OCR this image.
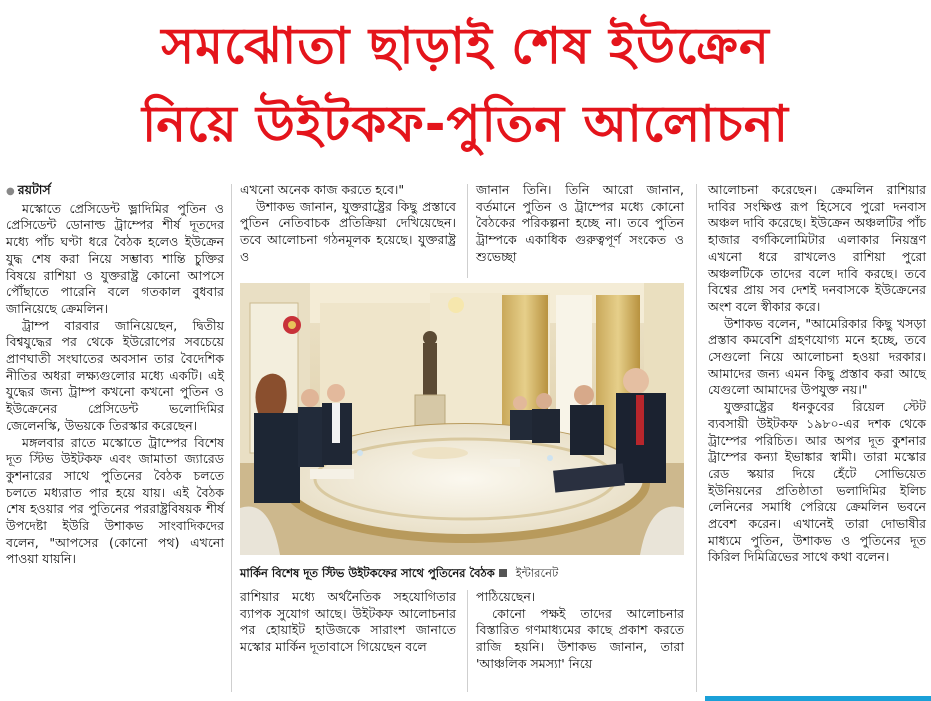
সমঝোতা ছাড়াই শেষ ইউক্রেন
নিয়ে উইটকফ-পুতিন আলোচনা

● রয়টার্স

মস্কোতে প্রেসিডেন্ট ভ্লাদিমির পুতিন ও প্রেসিডেন্ট ডোনাল্ড ট্রাম্পের শীর্ষ দূতদের মধ্যে পাঁচ ঘণ্টা ধরে বৈঠক হলেও ইউক্রেন যুদ্ধ শেষ করা নিয়ে সম্ভাব্য শান্তি চুক্তির বিষয়ে রাশিয়া ও যুক্তরাষ্ট্র কোনো আপসে পৌঁছাতে পারেনি বলে গতকাল বুধবার জানিয়েছে ক্রেমলিন।

ট্রাম্প বারবার জানিয়েছেন, দ্বিতীয় বিশ্বযুদ্ধের পর থেকে ইউরোপের সবচেয়ে প্রাণঘাতী সংঘাতের অবসান তার বৈদেশিক নীতির অধরা লক্ষ্যগুলোর মধ্যে একটি। এই যুদ্ধের জন্য ট্রাম্প কখনো কখনো পুতিন ও ইউক্রেনের প্রেসিডেন্ট ভলোদিমির জেলেনস্কি, উভয়কে তিরস্কার করেছেন।

মঙ্গলবার রাতে মস্কোতে ট্রাম্পের বিশেষ দূত স্টিভ উইটকফ এবং জামাতা জ্যারেড কুশনারের সাথে পুতিনের বৈঠক চলতে চলতে মধ্যরাত পার হয়ে যায়। এই বৈঠক শেষ হওয়ার পর পুতিনের পররাষ্ট্রবিষয়ক শীর্ষ উপদেষ্টা ইউরি উশাকভ সাংবাদিকদের বলেন, "আপসের (কোনো পথ) এখনো পাওয়া যায়নি।

এখনো অনেক কাজ করতে হবে।"

উশাকভ জানান, যুক্তরাষ্ট্রের কিছু প্রস্তাবে পুতিন নেতিবাচক প্রতিক্রিয়া দেখিয়েছেন। তবে আলোচনা গঠনমূলক হয়েছে। যুক্তরাষ্ট্র ও

জানান তিনি। তিনি আরো জানান, বর্তমানে পুতিন ও ট্রাম্পের মধ্যে কোনো বৈঠকের পরিকল্পনা হচ্ছে না। তবে পুতিন ট্রাম্পকে একাধিক গুরুত্বপূর্ণ সংকেত ও শুভেচ্ছা

আলোচনা করেছেন। ক্রেমলিন রাশিয়ার দাবির সংক্ষিপ্ত রূপ হিসেবে পুরো দনবাস অঞ্চল দাবি করেছে। ইউক্রেন অঞ্চলটির পাঁচ হাজার বর্গকিলোমিটার এলাকার নিয়ন্ত্রণ এখনো ধরে রাখলেও রাশিয়া পুরো অঞ্চলটিকে তাদের বলে দাবি করছে। তবে বিশ্বের প্রায় সব দেশই দনবাসকে ইউক্রেনের অংশ বলে স্বীকার করে।

উশাকভ বলেন, "আমেরিকার কিছু খসড়া প্রস্তাব কমবেশি গ্রহণযোগ্য মনে হচ্ছে, তবে সেগুলো নিয়ে আলোচনা হওয়া দরকার। আমাদের জন্য এমন কিছু প্রস্তাব করা আছে যেগুলো আমাদের উপযুক্ত নয়।"

যুক্তরাষ্ট্রের ধনকুবের রিয়েল স্টেট ব্যবসায়ী উইটকফ ১৯৮০-এর দশক থেকে ট্রাম্পের পরিচিত। আর অপর দূত কুশনার ট্রাম্পের কন্যা ইভাঙ্কার স্বামী। তারা মস্কোর রেড স্কয়ার দিয়ে হেঁটে সোভিয়েত ইউনিয়নের প্রতিষ্ঠাতা ভলাদিমির ইলিচ লেনিনের সমাধি পেরিয়ে ক্রেমলিন ভবনে প্রবেশ করেন। এখানেই তারা দোভাষীর মাধ্যমে পুতিন, উশাকভ ও পুতিনের দূত কিরিল দিমিত্রিভের সাথে কথা বলেন।

মার্কিন বিশেষ দূত স্টিভ উইটকফের সাথে পুতিনের বৈঠক ইন্টারনেট

রাশিয়ার মধ্যে অর্থনৈতিক সহযোগিতার ব্যাপক সুযোগ আছে। উইটকফ আলোচনার পর হোয়াইট হাউজকে সারাংশ জানাতে মস্কোর মার্কিন দূতাবাসে গিয়েছেন বলে

পাঠিয়েছেন।

কোনো পক্ষই তাদের আলোচনার বিস্তারিত গণমাধ্যমের কাছে প্রকাশ করতে রাজি হয়নি। উশাকভ জানান, তারা 'আঞ্চলিক সমস্যা' নিয়ে
